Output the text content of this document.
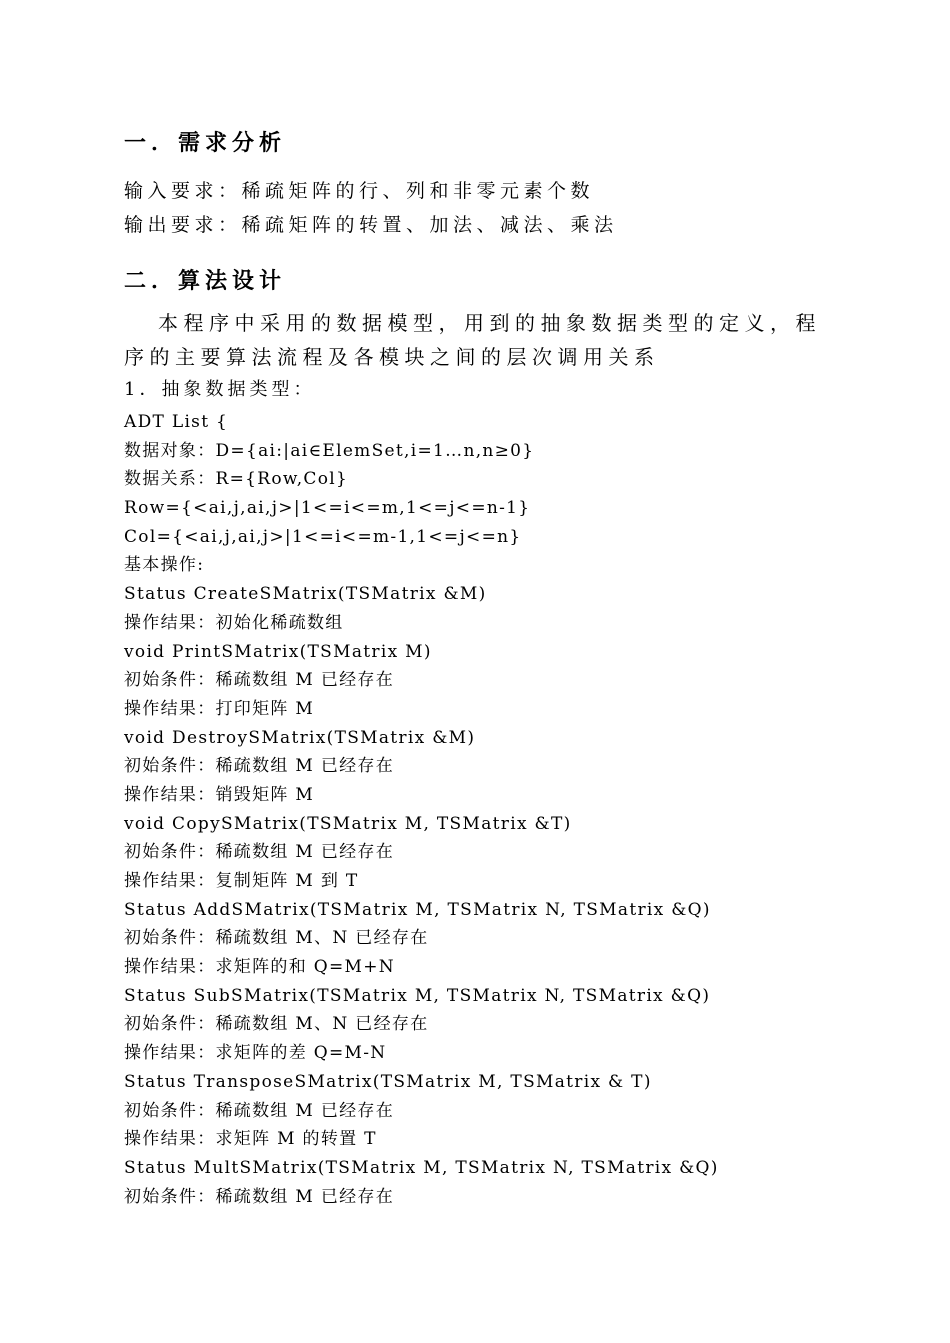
一．需求分析
输入要求：稀疏矩阵的行、列和非零元素个数
输出要求：稀疏矩阵的转置、加法、减法、乘法
二．算法设计
本程序中采用的数据模型，用到的抽象数据类型的定义，程序的主要算法流程及各模块之间的层次调用关系
1．抽象数据类型：
ADT List {
数据对象：D={ai:|ai∈ElemSet,i=1…n,n≥0}
数据关系：R={Row,Col}
Row={<ai,j,ai,j>|1<=i<=m,1<=j<=n-1}
Col={<ai,j,ai,j>|1<=i<=m-1,1<=j<=n}
基本操作:
Status CreateSMatrix(TSMatrix &M)
操作结果：初始化稀疏数组
void PrintSMatrix(TSMatrix M)
初始条件：稀疏数组 M 已经存在
操作结果：打印矩阵 M
void DestroySMatrix(TSMatrix &M)
初始条件：稀疏数组 M 已经存在
操作结果：销毁矩阵 M
void CopySMatrix(TSMatrix M, TSMatrix &T)
初始条件：稀疏数组 M 已经存在
操作结果：复制矩阵 M 到 T
Status AddSMatrix(TSMatrix M, TSMatrix N, TSMatrix &Q)
初始条件：稀疏数组 M、N 已经存在
操作结果：求矩阵的和 Q=M+N
Status SubSMatrix(TSMatrix M, TSMatrix N, TSMatrix &Q)
初始条件：稀疏数组 M、N 已经存在
操作结果：求矩阵的差 Q=M-N
Status TransposeSMatrix(TSMatrix M, TSMatrix & T)
初始条件：稀疏数组 M 已经存在
操作结果：求矩阵 M 的转置 T
Status MultSMatrix(TSMatrix M, TSMatrix N, TSMatrix &Q)
初始条件：稀疏数组 M 已经存在
